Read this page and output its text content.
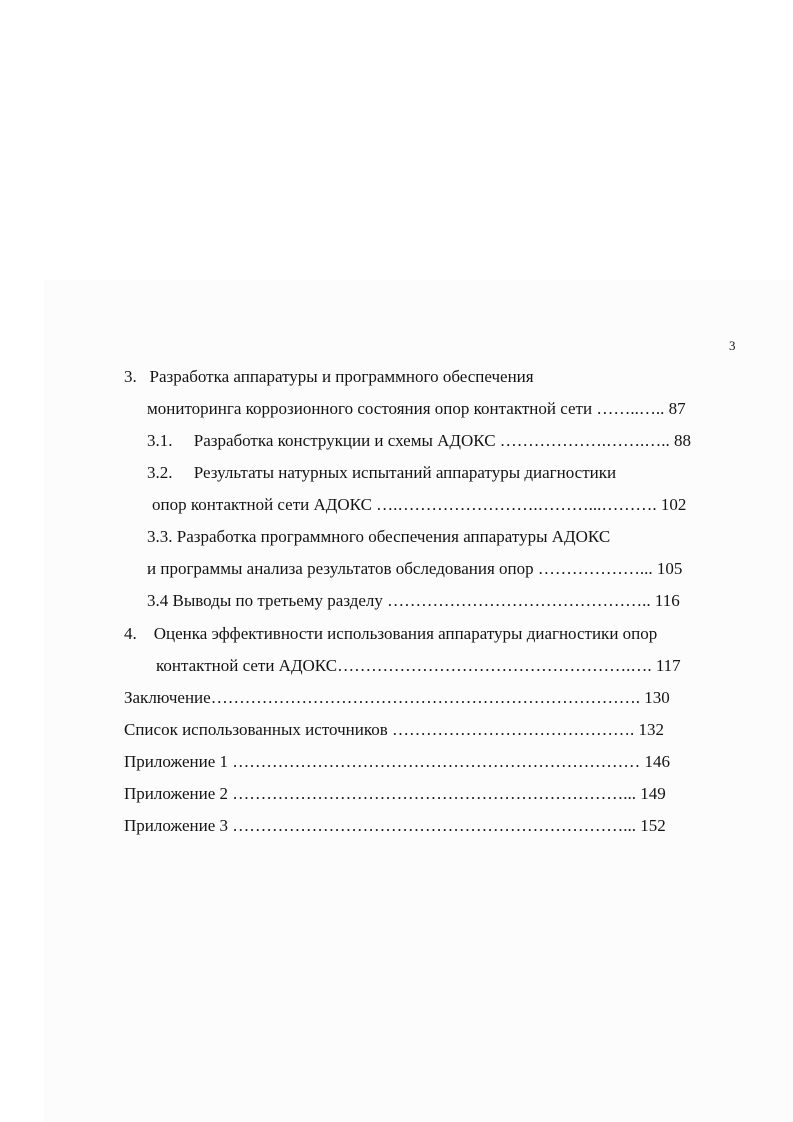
3
3. Разработка аппаратуры и программного обеспечения
мониторинга коррозионного состояния опор контактной сети ……..….. 87
3.1. Разработка конструкции и схемы АДОКС ……………….…….….. 88
3.2. Результаты натурных испытаний аппаратуры диагностики
опор контактной сети АДОКС ….…………………….………...………. 102
3.3. Разработка программного обеспечения аппаратуры АДОКС
и программы анализа результатов обследования опор ………………... 105
3.4 Выводы по третьему разделу ……………………………………….. 116
4. Оценка эффективности использования аппаратуры диагностики опор
контактной сети АДОКС…………………………………………….…. 117
Заключение…………………………………………………………………. 130
Список использованных источников ……………………………………. 132
Приложение 1 ……………………………………………………………… 146
Приложение 2 ……………………………………………………………... 149
Приложение 3 ……………………………………………………………... 152
